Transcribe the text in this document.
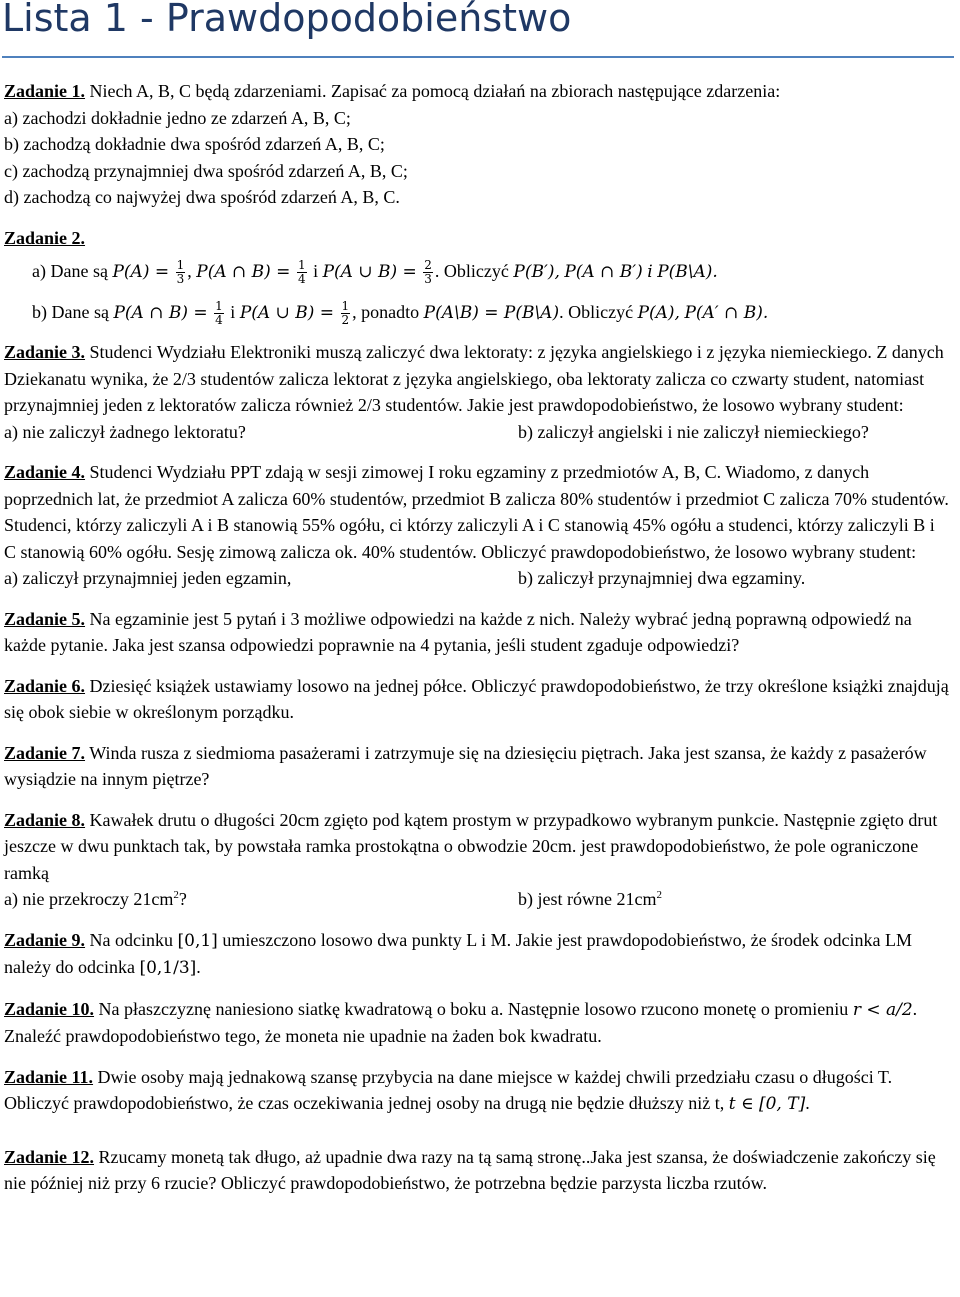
Lista 1 - Prawdopodobieństwo
Zadanie 1. Niech A, B, C będą zdarzeniami. Zapisać za pomocą działań na zbiorach następujące zdarzenia:
a) zachodzi dokładnie jedno ze zdarzeń A, B, C;
b) zachodzą dokładnie dwa spośród zdarzeń A, B, C;
c) zachodzą przynajmniej dwa spośród zdarzeń A, B, C;
d) zachodzą co najwyżej dwa spośród zdarzeń A, B, C.
Zadanie 2.
a) Dane są $P(A) = \frac{1}{3}$ , P(A ∩ $B) = \frac{1}{4}$ i P(A ∪ $B) = \frac{2}{3}$ . Obliczyć P(B′), P(A ∩ B′) i P(B\A).
b) Dane są P(A ∩ $B) = \frac{1}{4}$ i P(A ∪ $B) = \frac{1}{2}$ , ponadto P(A\B) = P(B\A). Obliczyć P(A), P(A′ ∩ B).
Zadanie 3. Studenci Wydziału Elektroniki muszą zaliczyć dwa lektoraty: z języka angielskiego i z języka niemieckiego. Z danych Dziekanatu wynika, że 2/3 studentów zalicza lektorat z języka angielskiego, oba lektoraty zalicza co czwarty student, natomiast przynajmniej jeden z lektoratów zalicza również 2/3 studentów. Jakie jest prawdopodobieństwo, że losowo wybrany student:
a) nie zaliczył żadnego lektoratu?	b) zaliczył angielski i nie zaliczył niemieckiego?
Zadanie 4. Studenci Wydziału PPT zdają w sesji zimowej I roku egzaminy z przedmiotów A, B, C. Wiadomo, z danych poprzednich lat, że przedmiot A zalicza 60% studentów, przedmiot B zalicza 80% studentów i przedmiot C zalicza 70% studentów. Studenci, którzy zaliczyli A i B stanowią 55% ogółu, ci którzy zaliczyli A i C stanowią 45% ogółu a studenci, którzy zaliczyli B i C stanowią 60% ogółu. Sesję zimową zalicza ok. 40% studentów. Obliczyć prawdopodobieństwo, że losowo wybrany student:
a) zaliczył przynajmniej jeden egzamin,	b) zaliczył przynajmniej dwa egzaminy.
Zadanie 5. Na egzaminie jest 5 pytań i 3 możliwe odpowiedzi na każde z nich. Należy wybrać jedną poprawną odpowiedź na każde pytanie. Jaka jest szansa odpowiedzi poprawnie na 4 pytania, jeśli student zgaduje odpowiedzi?
Zadanie 6. Dziesięć książek ustawiamy losowo na jednej półce. Obliczyć prawdopodobieństwo, że trzy określone książki znajdują się obok siebie w określonym porządku.
Zadanie 7. Winda rusza z siedmioma pasażerami i zatrzymuje się na dziesięciu piętrach. Jaka jest szansa, że każdy z pasażerów wysiądzie na innym piętrze?
Zadanie 8. Kawałek drutu o długości 20cm zgięto pod kątem prostym w przypadkowo wybranym punkcie. Następnie zgięto drut jeszcze w dwu punktach tak, by powstała ramka prostokątna o obwodzie 20cm. jest prawdopodobieństwo, że pole ograniczone ramką
a) nie przekroczy $21cm^2$?	b) jest równe $21cm^2$
Zadanie 9. Na odcinku [0,1] umieszczono losowo dwa punkty L i M. Jakie jest prawdopodobieństwo, że środek odcinka LM należy do odcinka [0,1/3].
Zadanie 10. Na płaszczyznę naniesiono siatkę kwadratową o boku a. Następnie losowo rzucono monetę o promieniu r < a/2. Znaleźć prawdopodobieństwo tego, że moneta nie upadnie na żaden bok kwadratu.
Zadanie 11. Dwie osoby mają jednakową szansę przybycia na dane miejsce w każdej chwili przedziału czasu o długości T. Obliczyć prawdopodobieństwo, że czas oczekiwania jednej osoby na drugą nie będzie dłuższy niż t, t ∈ [0, T].
Zadanie 12. Rzucamy monetą tak długo, aż upadnie dwa razy na tą samą stronę..Jaka jest szansa, że doświadczenie zakończy się nie później niż przy 6 rzucie? Obliczyć prawdopodobieństwo, że potrzebna będzie parzysta liczba rzutów.
